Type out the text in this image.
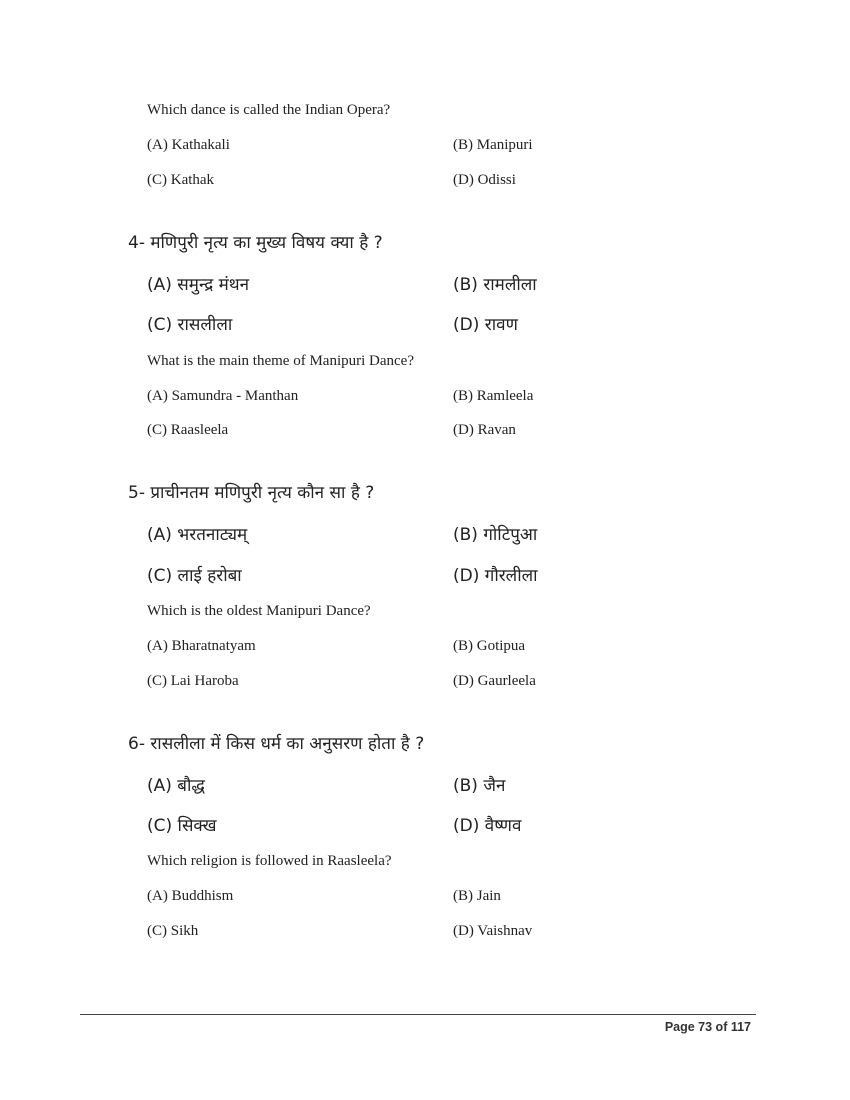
Which dance is called the Indian Opera?
(A) Kathakali	(B) Manipuri
(C) Kathak	(D) Odissi
4- मणिपुरी नृत्य का मुख्य विषय क्या है ?
(A) समुन्द्र मंथन	(B) रामलीला
(C) रासलीला	(D) रावण
What is the main theme of Manipuri Dance?
(A) Samundra - Manthan	(B) Ramleela
(C) Raasleela	(D) Ravan
5- प्राचीनतम मणिपुरी नृत्य कौन सा है ?
(A) भरतनाट्यम्	(B) गोटिपुआ
(C) लाई हरोबा	(D) गौरलीला
Which is the oldest Manipuri Dance?
(A) Bharatnatyam	(B) Gotipua
(C) Lai Haroba	(D) Gaurleela
6- रासलीला में किस धर्म का अनुसरण होता है ?
(A) बौद्ध	(B) जैन
(C) सिक्ख	(D) वैष्णव
Which religion is followed in Raasleela?
(A) Buddhism	(B) Jain
(C) Sikh	(D) Vaishnav
Page 73 of 117
